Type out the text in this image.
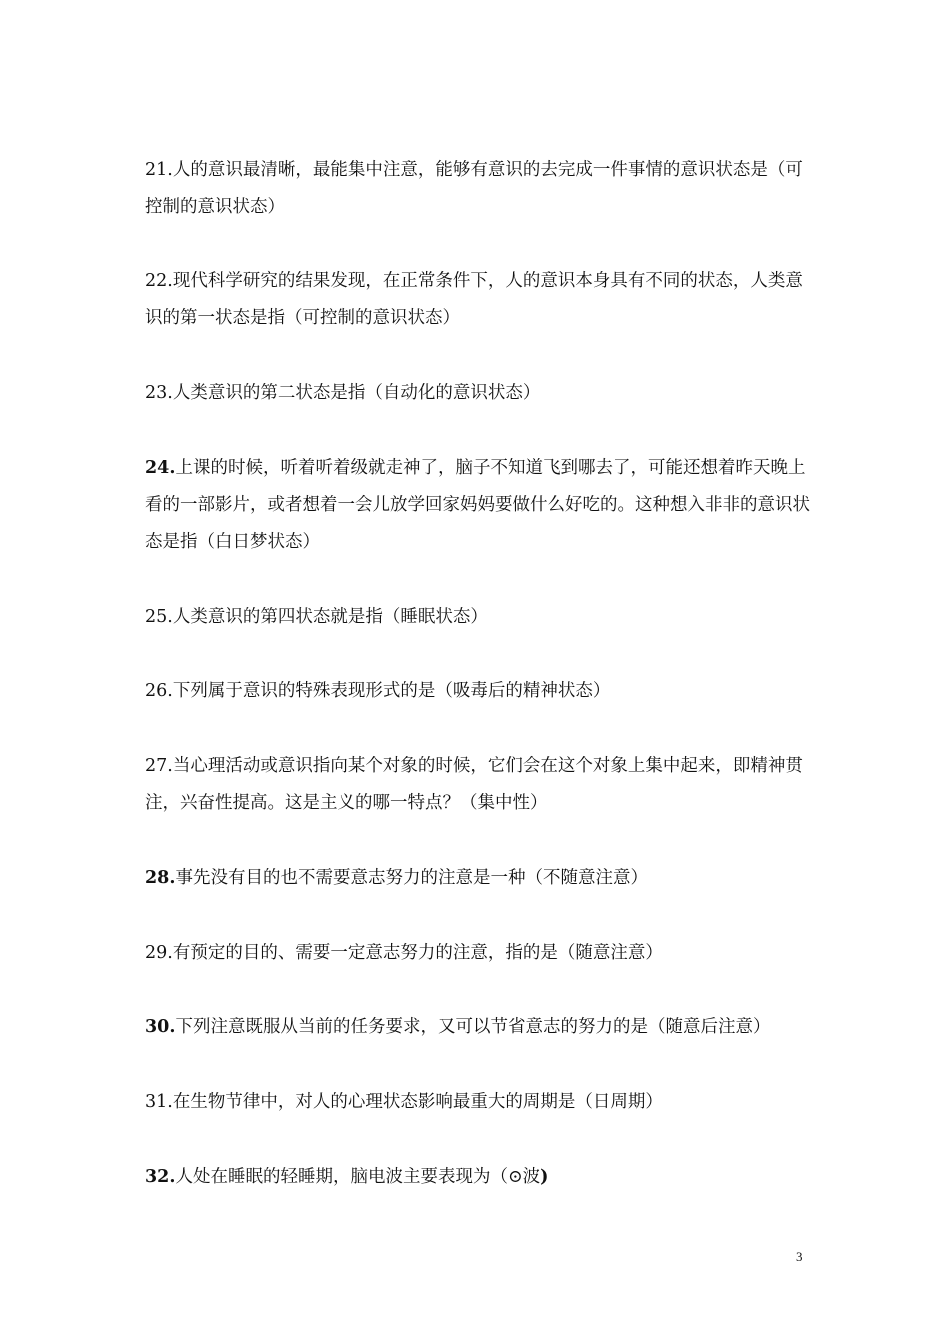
21.人的意识最清晰，最能集中注意，能够有意识的去完成一件事情的意识状态是（可控制的意识状态）

22.现代科学研究的结果发现，在正常条件下，人的意识本身具有不同的状态，人类意识的第一状态是指（可控制的意识状态）

23.人类意识的第二状态是指（自动化的意识状态）

24.上课的时候，听着听着级就走神了，脑子不知道飞到哪去了，可能还想着昨天晚上看的一部影片，或者想着一会儿放学回家妈妈要做什么好吃的。这种想入非非的意识状态是指（白日梦状态）

25.人类意识的第四状态就是指（睡眠状态）

26.下列属于意识的特殊表现形式的是（吸毒后的精神状态）

27.当心理活动或意识指向某个对象的时候，它们会在这个对象上集中起来，即精神贯注，兴奋性提高。这是主义的哪一特点？（集中性）

28.事先没有目的也不需要意志努力的注意是一种（不随意注意）

29.有预定的目的、需要一定意志努力的注意，指的是（随意注意）

30.下列注意既服从当前的任务要求，又可以节省意志的努力的是（随意后注意）

31.在生物节律中，对人的心理状态影响最重大的周期是（日周期）

32.人处在睡眠的轻睡期，脑电波主要表现为（⊙波)

3
